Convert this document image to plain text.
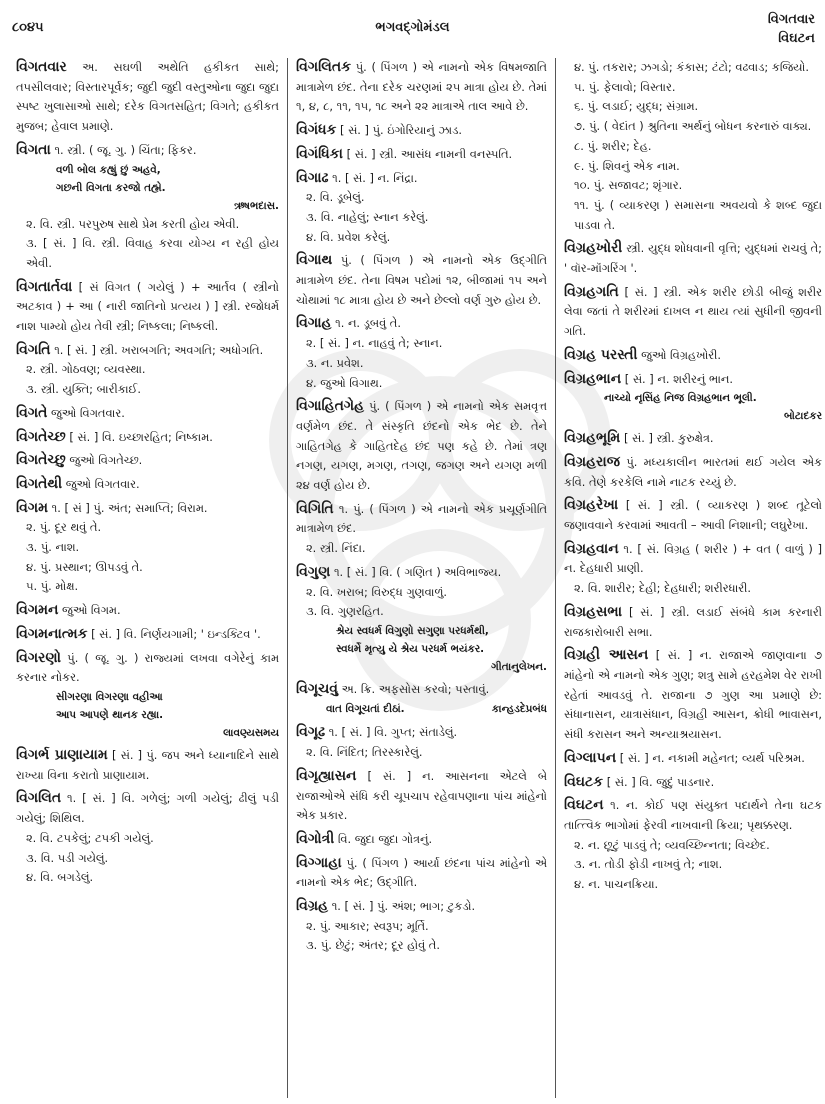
૮૦૪૫	ભગવદ્ગોમંડલ
વિગતવાર
વિઘટન
વિગતવાર અ. સઘળી અથેતિ હકીકત સાથે; તપસીલવાર; વિસ્તારપૂર્વક; જુદી જુદી વસ્તુઓના જુદા જુદા સ્પષ્ટ ખુલાસાઓ સાથે; દરેક વિગતસહિત; વિગતે; હકીકત મુજબ; હેવાલ પ્રમાણે.
વિગતા ૧. સ્ત્રી. ( જૂ. ગુ. ) ચિંતા; ફિકર.
વળી બોલ કહ્યું છું અહવે,
ગછની વિગતા કરજો તહ્મે.
ઋષભદાસ.
૨. વિ. સ્ત્રી. પરપુરુષ સાથે પ્રેમ કરતી હોય એવી.
૩. [ સં. ] વિ. સ્ત્રી. વિવાહ કરવા યોગ્ય ન રહી હોય એવી.
વિગતાર્તવા [ સં વિગત ( ગયેલું ) + આર્તવ ( સ્ત્રીનો અટકાવ ) + આ ( નારી જાતિનો પ્રત્યય ) ] સ્ત્રી. રજોધર્મ નાશ પામ્યો હોય તેવી સ્ત્રી; નિષ્કલા; નિષ્કલી.
વિગતિ ૧. [ સં. ] સ્ત્રી. ખરાબગતિ; અવગતિ; અધોગતિ.
૨. સ્ત્રી. ગોઠવણ; વ્યવસ્થા.
૩. સ્ત્રી. યુક્તિ; બારીકાઈ.
વિગતે જુઓ વિગતવાર.
વિગતેચ્છ [ સં. ] વિ. ઇચ્છારહિત; નિષ્કામ.
વિગતેચ્છુ જુઓ વિગતેચ્છ.
વિગતેથી જુઓ વિગતવાર.
વિગમ ૧. [ સં ] પું. અંત; સમાપ્તિ; વિરામ.
૨. પું. દૂર થવું તે.
૩. પું. નાશ.
૪. પું. પ્રસ્થાન; ઊપડવું તે.
૫. પું. મોક્ષ.
વિગમન જુઓ વિગમ.
વિગમનાત્મક [ સં. ] વિ. નિર્ણયગામી; ' ઇન્ડક્ટિવ '.
વિગરણો પું. ( જૂ. ગુ. ) રાજ્યમાં લખવા વગેરેનું કામ કરનાર નોકર.
સીગરણા વિગરણા વહીઆ
આપ આપણે થાનક રહ્યા.
લાવણ્યસમય
વિગર્ભ પ્રાણાયામ [ સં. ] પું. જપ અને ધ્યાનાદિને સાથે રાખ્યા વિના કરાતો પ્રાણાયામ.
વિગલિત ૧. [ સં. ] વિ. ગળેલું; ગળી ગયેલું; ઢીલું પડી ગયેલું; શિથિલ.
૨. વિ. ટપકેલું; ટપકી ગયેલું.
૩. વિ. પડી ગયેલું.
૪. વિ. બગડેલું.
વિગલિતક પું. ( પિંગળ ) એ નામનો એક વિષમજાતિ માત્રામેળ છંદ. તેના દરેક ચરણમાં ૨૫ માત્રા હોય છે. તેમાં ૧, ૪, ૮, ૧૧, ૧૫, ૧૮ અને ૨૨ માત્રાએ તાલ આવે છે.
વિગંધક [ સં. ] પું. ઇંગોરિયાનું ઝાડ.
વિગંધિકા [ સં. ] સ્ત્રી. આસંધ નામની વનસ્પતિ.
વિગાઢ ૧. [ સં. ] ન. નિંદ્રા.
૨. વિ. ડૂબેલું.
૩. વિ. નાહેલું; સ્નાન કરેલું.
૪. વિ. પ્રવેશ કરેલું.
વિગાથ પું. ( પિંગળ ) એ નામનો એક ઉદ્ગીતિ માત્રામેળ છંદ. તેના વિષમ પદોમાં ૧૨, બીજામાં ૧૫ અને ચોથામાં ૧૮ માત્રા હોય છે અને છેલ્લો વર્ણ ગુરુ હોય છે.
વિગાહ ૧. ન. ડૂબવું તે.
૨. [ સં. ] ન. નાહવું તે; સ્નાન.
૩. ન. પ્રવેશ.
૪. જુઓ વિગાથ.
વિગાહિતગેહ પું. ( પિંગળ ) એ નામનો એક સમવૃત્ત વર્ણમેળ છંદ. તે સંસ્કૃતિ છંદનો એક ભેદ છે. તેને ગાહિતગેહ કે ગાહિતદેહ છંદ પણ કહે છે. તેમાં ત્રણ નગણ, યગણ, મગણ, તગણ, જગણ અને યગણ મળી ૨૪ વર્ણ હોય છે.
વિગિતિ ૧. પું. ( પિંગળ ) એ નામનો એક પ્રચૂર્ણગીતિ માત્રામેળ છંદ.
૨. સ્ત્રી. નિંદા.
વિગુણ ૧. [ સં. ] વિ. ( ગણિત ) અવિભાજ્ય.
૨. વિ. ખરાબ; વિરુદ્ધ ગુણવાળું.
૩. વિ. ગુણરહિત.
શ્રેય સ્વધર્મ વિગુણો સગુણા પરધર્મથી,
સ્વધર્મે મૃત્યુ યે શ્રેય પરધર્મ ભયંકર.
ગીતાનુલેખન.
વિગૂચવું અ. ક્રિ. અફસોસ કરવો; પસ્તાવું.
વાત વિગૂચતાં દીઠાં.	કાન્હડદેપ્રબંધ
વિગૂઢ ૧. [ સં. ] વિ. ગુપ્ત; સંતાડેલું.
૨. વિ. નિંદિત; તિરસ્કારેલું.
વિગૃહ્યાસન [ સં. ] ન. આસનના એટલે બે રાજાઓએ સંધિ કરી ચૂપચાપ રહેવાપણાના પાંચ માંહેનો એક પ્રકાર.
વિગોત્રી વિ. જુદા જુદા ગોત્રનું.
વિગ્ગાહા પું. ( પિંગળ ) આર્યા છંદના પાંચ માંહેનો એ નામનો એક ભેદ; ઉદ્ગીતિ.
વિગ્રહ ૧. [ સં. ] પું. અંશ; ભાગ; ટુકડો.
૨. પું. આકાર; સ્વરૂપ; મૂર્તિ.
૩. પું. છેટું; અંતર; દૂર હોવું તે.
૪. પું. તકરાર; ઝગડો; કંકાસ; ટંટો; વઢવાડ; કજિયો.
૫. પું. ફેલાવો; વિસ્તાર.
૬. પું. લડાઈ; યુદ્ધ; સંગ્રામ.
૭. પું. ( વેદાંત ) શ્રુતિના અર્થનું બોધન કરનારું વાક્ય.
૮. પું. શરીર; દેહ.
૯. પું. શિવનું એક નામ.
૧૦. પું. સજાવટ; શૃંગાર.
૧૧. પું. ( વ્યાકરણ ) સમાસના અવયવો કે શબ્દ જુદા પાડવા તે.
વિગ્રહખોરી સ્ત્રી. યુદ્ધ શોધવાની વૃત્તિ; યુદ્ધમાં રાચવું તે; ' વૉર-મૉંગરિંગ '.
વિગ્રહગતિ [ સં. ] સ્ત્રી. એક શરીર છોડી બીજું શરીર લેવા જતાં તે શરીરમાં દાખલ ન થાય ત્યાં સુધીની જીવની ગતિ.
વિગ્રહ પરસ્તી જુઓ વિગ્રહખોરી.
વિગ્રહભાન [ સં. ] ન. શરીરનું ભાન.
નાચ્યો નૃસિંહ નિજ વિગ્રહભાન ભૂલી.
બોટાદકર
વિગ્રહભૂમિ [ સં. ] સ્ત્રી. કુરુક્ષેત્ર.
વિગ્રહરાજ પું. મધ્યકાલીન ભારતમાં થઈ ગયેલ એક કવિ. તેણે કરકેલિ નામે નાટક રચ્યું છે.
વિગ્રહરેખા [ સં. ] સ્ત્રી. ( વ્યાકરણ ) શબ્દ તૂટેલો જણાવવાને કરવામાં આવતી – આવી નિશાની; લઘુરેખા.
વિગ્રહવાન ૧. [ સં. વિગ્રહ ( શરીર ) + વત ( વાળું ) ] ન. દેહધારી પ્રાણી.
૨. વિ. શારીર; દેહી; દેહધારી; શરીરધારી.
વિગ્રહસભા [ સં. ] સ્ત્રી. લડાઈ સંબંધે કામ કરનારી રાજકારોબારી સભા.
વિગ્રહી આસન [ સં. ] ન. રાજાએ જાણવાના ૭ માંહેનો એ નામનો એક ગુણ; શત્રુ સામે હરહમેશ વેર રાખી રહેતાં આવડવું તે. રાજાના ૭ ગુણ આ પ્રમાણે છે: સંધાનાસન, યાત્રાસંધાન, વિગ્રહી આસન, ક્રોધી ભાવાસન, સંધી કરાસન અને અન્યાશ્રયાસન.
વિગ્લાપન [ સં. ] ન. નકામી મહેનત; વ્યર્થ પરિશ્રમ.
વિઘટક [ સં. ] વિ. જુદું પાડનાર.
વિઘટન ૧. ન. કોઈ પણ સંયુક્ત પદાર્થને તેના ઘટક તાત્ત્વિક ભાગોમાં ફેરવી નાખવાની ક્રિયા; પૃથક્કરણ.
૨. ન. છૂટું પાડવું તે; વ્યવચ્છિન્નતા; વિચ્છેદ.
૩. ન. તોડી ફોડી નાખવું તે; નાશ.
૪. ન. પાચનક્રિયા.
